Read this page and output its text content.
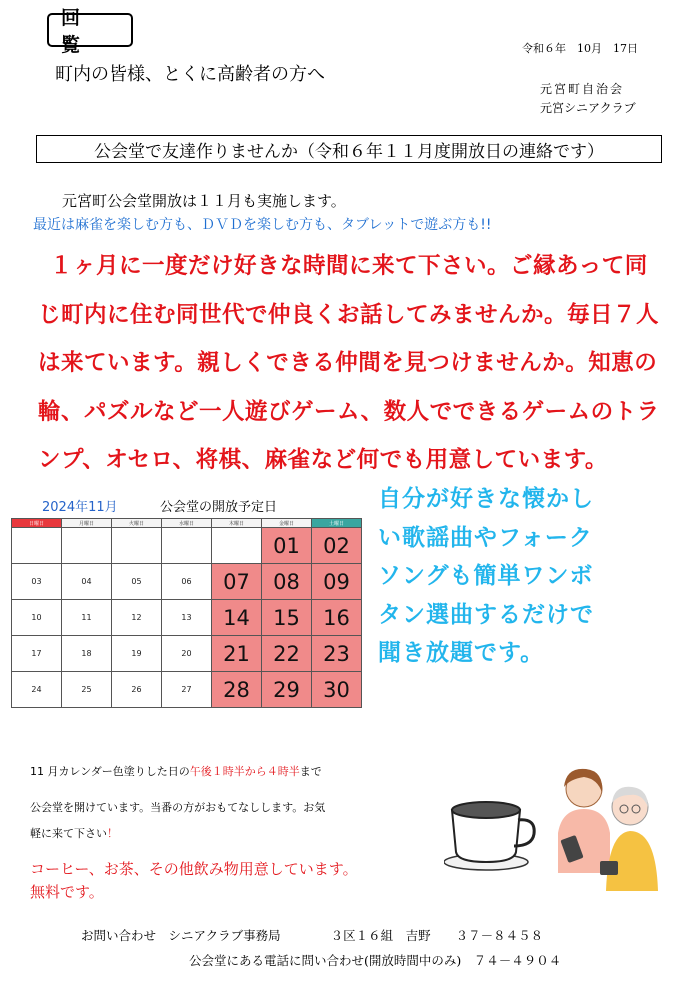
回 覧	令和６年　10月　17日
町内の皆様、とくに高齢者の方へ
元宮町自治会
元宮シニアクラブ
公会堂で友達作りませんか（令和６年１１月度開放日の連絡です）
元宮町公会堂開放は１１月も実施します。
最近は麻雀を楽しむ方も、ＤＶＤを楽しむ方も、タブレットで遊ぶ方も!!
１ヶ月に一度だけ好きな時間に来て下さい。ご縁あって同じ町内に住む同世代で仲良くお話してみませんか。毎日７人は来ています。親しくできる仲間を見つけませんか。知恵の輪、パズルなど一人遊びゲーム、数人でできるゲームのトランプ、オセロ、将棋、麻雀など何でも用意しています。
2024年11月	公会堂の開放予定日
日曜日	月曜日	火曜日	水曜日	木曜日	金曜日	土曜日
					01	02
03	04	05	06	07	08	09
10	11	12	13	14	15	16
17	18	19	20	21	22	23
24	25	26	27	28	29	30
自分が好きな懐かし
い歌謡曲やフォーク
ソングも簡単ワンボ
タン選曲するだけで
聞き放題です。
11 月カレンダー色塗りした日の午後１時半から４時半まで
公会堂を開けています。当番の方がおもてなしします。お気
軽に来て下さい！
コーヒー、お茶、その他飲み物用意しています。
無料です。
お問い合わせ　シニアクラブ事務局　　　　３区１６組　吉野　　３７－８４５８
公会堂にある電話に問い合わせ(開放時間中のみ)　７４－４９０４
